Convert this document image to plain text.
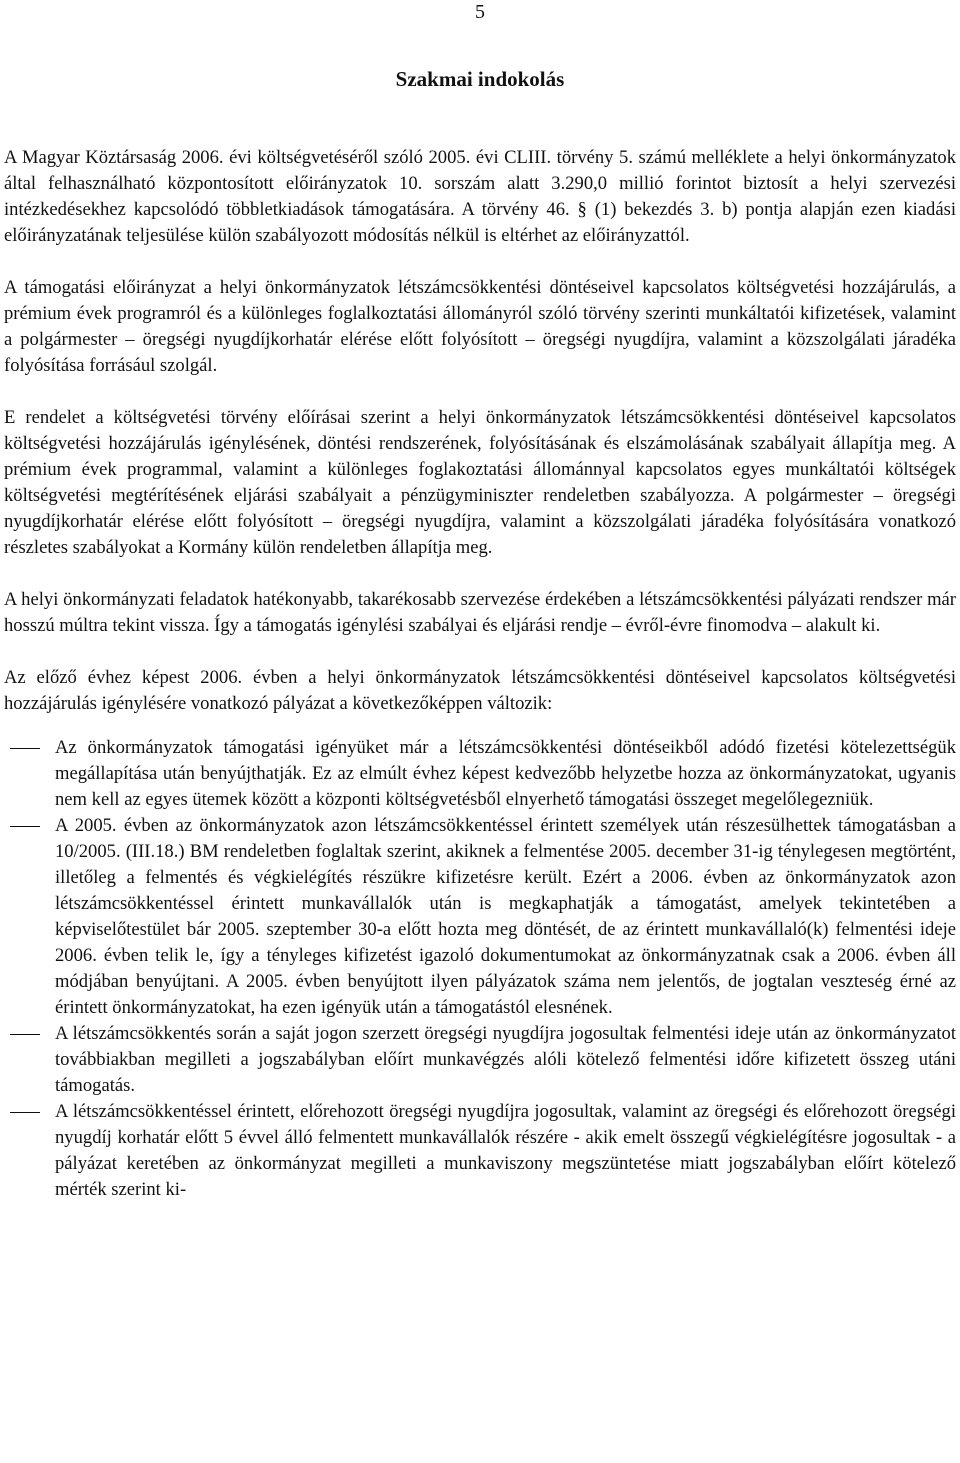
5
Szakmai indokolás

A Magyar Köztársaság 2006. évi költségvetéséről szóló 2005. évi CLIII. törvény 5. számú melléklete a helyi önkormányzatok által felhasználható központosított előirányzatok 10. sorszám alatt 3.290,0 millió forintot biztosít a helyi szervezési intézkedésekhez kapcsolódó többletkiadások támogatására. A törvény 46. § (1) bekezdés 3. b) pontja alapján ezen kiadási előirányzatának teljesülése külön szabályozott módosítás nélkül is eltérhet az előirányzattól.

A támogatási előirányzat a helyi önkormányzatok létszámcsökkentési döntéseivel kapcsolatos költségvetési hozzájárulás, a prémium évek programról és a különleges foglalkoztatási állományról szóló törvény szerinti munkáltatói kifizetések, valamint a polgármester – öregségi nyugdíjkorhatár elérése előtt folyósított – öregségi nyugdíjra, valamint a közszolgálati járadéka folyósítása forrásául szolgál.

E rendelet a költségvetési törvény előírásai szerint a helyi önkormányzatok létszámcsökkentési döntéseivel kapcsolatos költségvetési hozzájárulás igénylésének, döntési rendszerének, folyósításának és elszámolásának szabályait állapítja meg. A prémium évek programmal, valamint a különleges foglakoztatási állománnyal kapcsolatos egyes munkáltatói költségek költségvetési megtérítésének eljárási szabályait a pénzügyminiszter rendeletben szabályozza. A polgármester – öregségi nyugdíjkorhatár elérése előtt folyósított – öregségi nyugdíjra, valamint a közszolgálati járadéka folyósítására vonatkozó részletes szabályokat a Kormány külön rendeletben állapítja meg.

A helyi önkormányzati feladatok hatékonyabb, takarékosabb szervezése érdekében a létszámcsökkentési pályázati rendszer már hosszú múltra tekint vissza. Így a támogatás igénylési szabályai és eljárási rendje – évről-évre finomodva – alakult ki.

Az előző évhez képest 2006. évben a helyi önkormányzatok létszámcsökkentési döntéseivel kapcsolatos költségvetési hozzájárulás igénylésére vonatkozó pályázat a következőképpen változik:

Az önkormányzatok támogatási igényüket már a létszámcsökkentési döntéseikből adódó fizetési kötelezettségük megállapítása után benyújthatják. Ez az elmúlt évhez képest kedvezőbb helyzetbe hozza az önkormányzatokat, ugyanis nem kell az egyes ütemek között a központi költségvetésből elnyerhető támogatási összeget megelőlegezniük.
A 2005. évben az önkormányzatok azon létszámcsökkentéssel érintett személyek után részesülhettek támogatásban a 10/2005. (III.18.) BM rendeletben foglaltak szerint, akiknek a felmentése 2005. december 31-ig ténylegesen megtörtént, illetőleg a felmentés és végkielégítés részükre kifizetésre került. Ezért a 2006. évben az önkormányzatok azon létszámcsökkentéssel érintett munkavállalók után is megkaphatják a támogatást, amelyek tekintetében a képviselőtestület bár 2005. szeptember 30-a előtt hozta meg döntését, de az érintett munkavállaló(k) felmentési ideje 2006. évben telik le, így a tényleges kifizetést igazoló dokumentumokat az önkormányzatnak csak a 2006. évben áll módjában benyújtani. A 2005. évben benyújtott ilyen pályázatok száma nem jelentős, de jogtalan veszteség érné az érintett önkormányzatokat, ha ezen igényük után a támogatástól elesnének.
A létszámcsökkentés során a saját jogon szerzett öregségi nyugdíjra jogosultak felmentési ideje után az önkormányzatot továbbiakban megilleti a jogszabályban előírt munkavégzés alóli kötelező felmentési időre kifizetett összeg utáni támogatás.
A létszámcsökkentéssel érintett, előrehozott öregségi nyugdíjra jogosultak, valamint az öregségi és előrehozott öregségi nyugdíj korhatár előtt 5 évvel álló felmentett munkavállalók részére - akik emelt összegű végkielégítésre jogosultak - a pályázat keretében az önkormányzat megilleti a munkaviszony megszüntetése miatt jogszabályban előírt kötelező mérték szerint ki-
